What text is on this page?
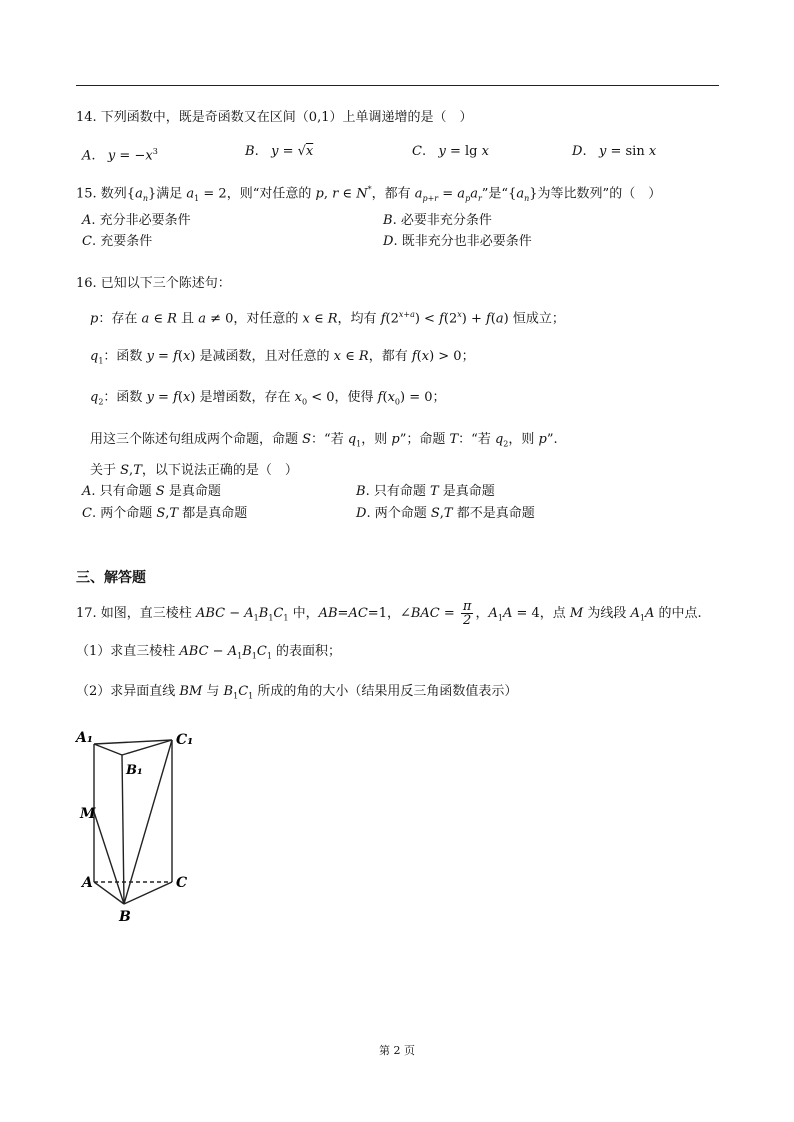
14. 下列函数中，既是奇函数又在区间（0,1）上单调递增的是（　）
A.   $y = -x^3$	B.   y = √x	C.   y = lg x	D.   y = sin x
15. 数列$\{a_n\}$满足 $a_1 = 2$，则“对任意的 p, r ∈ N*，都有 $a_{p+r} = a_pa_r$”是“$\{a_n\}$为等比数列”的（　）
A. 充分非必要条件	B. 必要非充分条件
C. 充要条件	D. 既非充分也非必要条件
16. 已知以下三个陈述句：
p：存在 a ∈ R 且 a ≠ 0，对任意的 x ∈ R，均有 $f(2^{x+a}) < f(2^x) + f(a)$ 恒成立；
$q_1$：函数 y = f(x) 是减函数，且对任意的 x ∈ R，都有 f(x) > 0；
$q_2$：函数 y = f(x) 是增函数，存在 $x_0 < 0$，使得 $f(x_0) = 0$；
用这三个陈述句组成两个命题，命题 S：“若 $q_1$，则 p”；命题 T：“若 $q_2$，则 p”.
关于 S,T，以下说法正确的是（　）
A. 只有命题 S 是真命题	B. 只有命题 T 是真命题
C. 两个命题 S,T 都是真命题	D. 两个命题 S,T 都不是真命题
三、解答题
17. 如图，直三棱柱 ABC − $A_1B_1C_1$ 中，AB=AC=1，∠BAC = $\frac{\pi}{2}$ ，$A_1A = 4$，点 M 为线段 $A_1A$ 的中点.
（1）求直三棱柱 ABC − $A_1B_1C_1$ 的表面积；
（2）求异面直线 BM 与 $B_1C_1$ 所成的角的大小（结果用反三角函数值表示）
A₁	C₁
B₁
M
A	C
B
第 2 页
